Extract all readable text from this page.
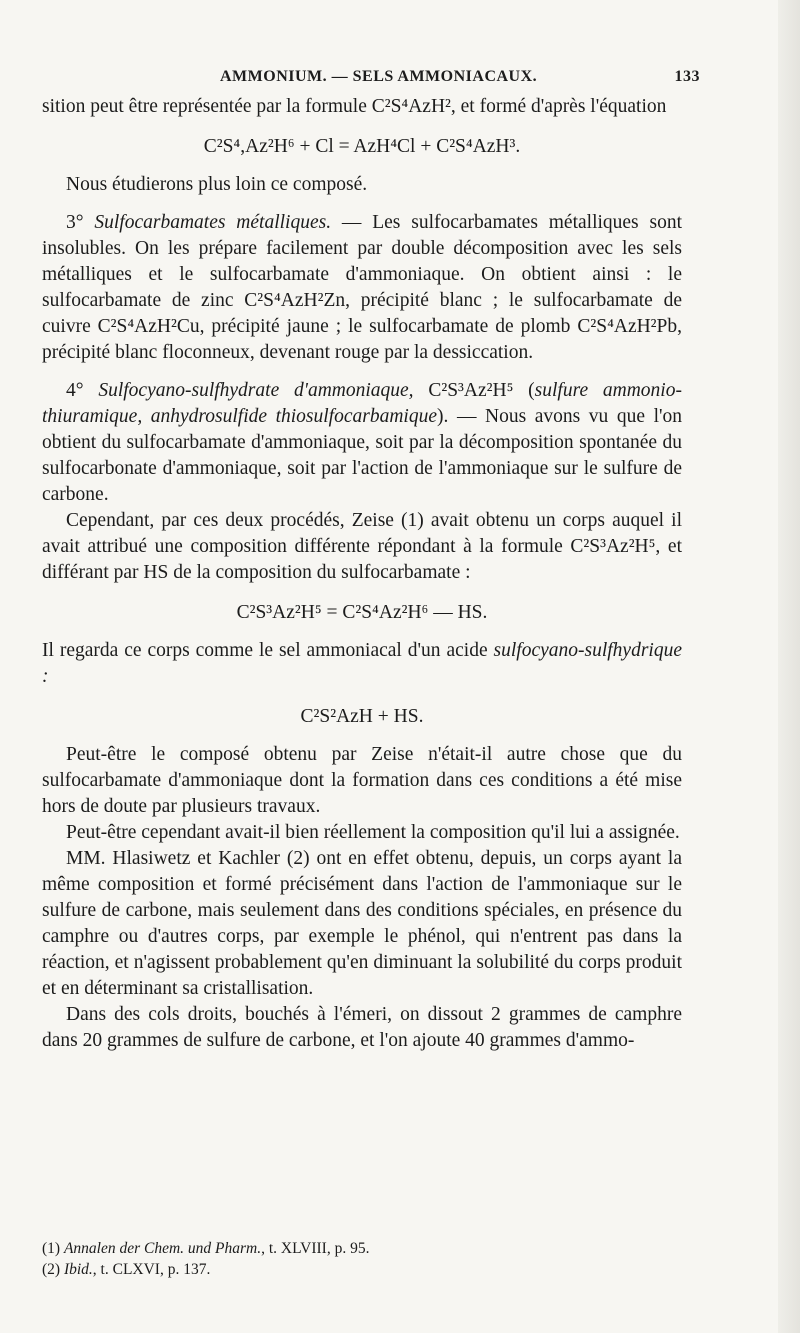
AMMONIUM. — SELS AMMONIACAUX.	133

sition peut être représentée par la formule C²S⁴AzH², et formé d'après l'équation

C²S⁴,Az²H⁶ + Cl = AzH⁴Cl + C²S⁴AzH³.

Nous étudierons plus loin ce composé.

3° Sulfocarbamates métalliques. — Les sulfocarbamates métalliques sont insolubles. On les prépare facilement par double décomposition avec les sels métalliques et le sulfocarbamate d'ammoniaque. On obtient ainsi : le sulfocarbamate de zinc C²S⁴AzH²Zn, précipité blanc ; le sulfocarbamate de cuivre C²S⁴AzH²Cu, précipité jaune ; le sulfocarbamate de plomb C²S⁴AzH²Pb, précipité blanc floconneux, devenant rouge par la dessiccation.

4° Sulfocyano-sulfhydrate d'ammoniaque, C²S³Az²H⁵ (sulfure ammonio-thiuramique, anhydrosulfide thiosulfocarbamique). — Nous avons vu que l'on obtient du sulfocarbamate d'ammoniaque, soit par la décomposition spontanée du sulfocarbonate d'ammoniaque, soit par l'action de l'ammoniaque sur le sulfure de carbone.

Cependant, par ces deux procédés, Zeise (1) avait obtenu un corps auquel il avait attribué une composition différente répondant à la formule C²S³Az²H⁵, et différant par HS de la composition du sulfocarbamate :

C²S³Az²H⁵ = C²S⁴Az²H⁶ — HS.

Il regarda ce corps comme le sel ammoniacal d'un acide sulfocyano-sulfhydrique :

C²S²AzH + HS.

Peut-être le composé obtenu par Zeise n'était-il autre chose que du sulfocarbamate d'ammoniaque dont la formation dans ces conditions a été mise hors de doute par plusieurs travaux.

Peut-être cependant avait-il bien réellement la composition qu'il lui a assignée.

MM. Hlasiwetz et Kachler (2) ont en effet obtenu, depuis, un corps ayant la même composition et formé précisément dans l'action de l'ammoniaque sur le sulfure de carbone, mais seulement dans des conditions spéciales, en présence du camphre ou d'autres corps, par exemple le phénol, qui n'entrent pas dans la réaction, et n'agissent probablement qu'en diminuant la solubilité du corps produit et en déterminant sa cristallisation.

Dans des cols droits, bouchés à l'émeri, on dissout 2 grammes de camphre dans 20 grammes de sulfure de carbone, et l'on ajoute 40 grammes d'ammo-

(1) Annalen der Chem. und Pharm., t. XLVIII, p. 95.

(2) Ibid., t. CLXVI, p. 137.
